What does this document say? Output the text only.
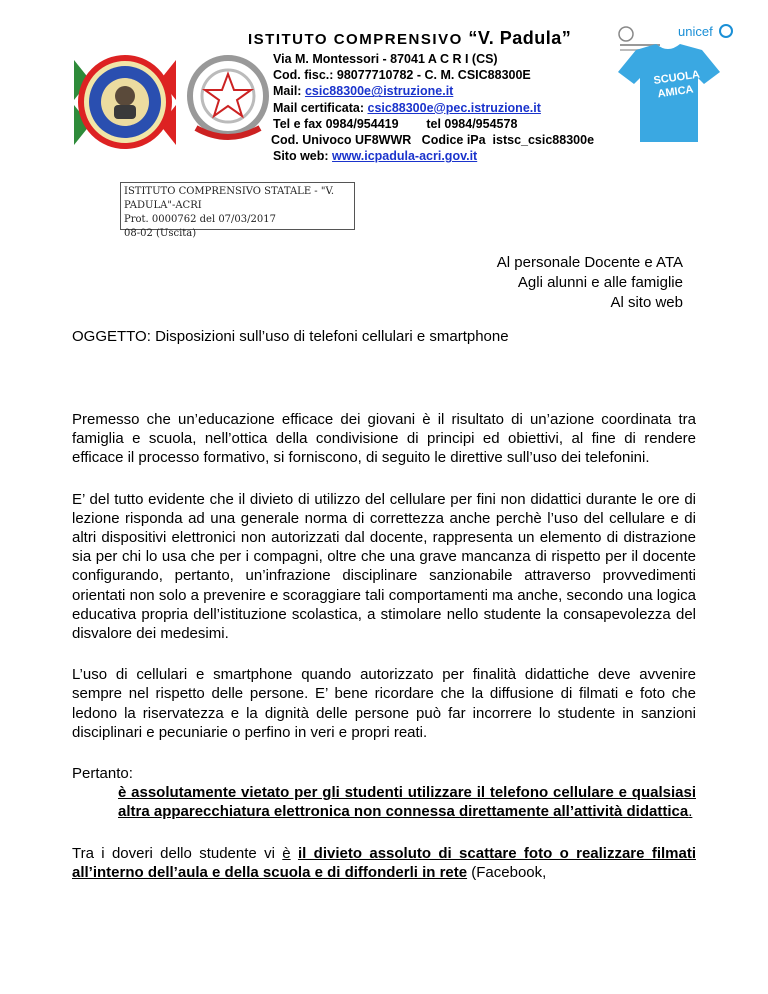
unicef
SCUOLA
AMICA
ISTITUTO COMPRENSIVO “V. Padula”
Via M. Montessori - 87041 A C R I (CS)
Cod. fisc.: 98077710782 - C. M. CSIC88300E
Mail: csic88300e@istruzione.it
Mail certificata: csic88300e@pec.istruzione.it
Tel e fax 0984/954419        tel 0984/954578
Cod. Univoco UF8WWR   Codice iPa  istsc_csic88300e
Sito web: www.icpadula-acri.gov.it
ISTITUTO COMPRENSIVO STATALE - "V. PADULA"-ACRI
Prot. 0000762 del 07/03/2017
08-02 (Uscita)
Al personale Docente e ATA
Agli alunni e alle famiglie
Al sito web
OGGETTO: Disposizioni sull’uso di telefoni cellulari e smartphone

Premesso che un’educazione efficace dei giovani è il risultato di un’azione coordinata tra famiglia e scuola, nell’ottica della condivisione di principi ed obiettivi, al fine di rendere efficace il processo formativo, si forniscono, di seguito le direttive sull’uso dei telefonini.

E’ del tutto evidente che il divieto di utilizzo del cellulare per fini non didattici durante le ore di lezione risponda ad una generale norma di correttezza anche perchè l’uso del cellulare e di altri dispositivi elettronici non autorizzati dal docente, rappresenta un elemento di distrazione sia per chi lo usa che per i compagni, oltre che una grave mancanza di rispetto per il docente configurando, pertanto, un’infrazione disciplinare sanzionabile attraverso provvedimenti orientati non solo a prevenire e scoraggiare tali comportamenti ma anche, secondo una logica educativa propria dell’istituzione scolastica, a stimolare nello studente la consapevolezza del disvalore dei medesimi.

L’uso di cellulari e smartphone quando autorizzato per finalità didattiche deve avvenire sempre nel rispetto delle persone. E’ bene ricordare che la diffusione di filmati e foto che ledono la riservatezza e la dignità delle persone può far incorrere lo studente in sanzioni disciplinari e pecuniarie o perfino in veri e propri reati.

Pertanto:
è assolutamente vietato per gli studenti utilizzare il telefono cellulare e qualsiasi altra apparecchiatura elettronica non connessa direttamente all’attività didattica.

Tra i doveri dello studente vi è il divieto assoluto di scattare foto o realizzare filmati all’interno dell’aula e della scuola e di diffonderli in rete (Facebook,
